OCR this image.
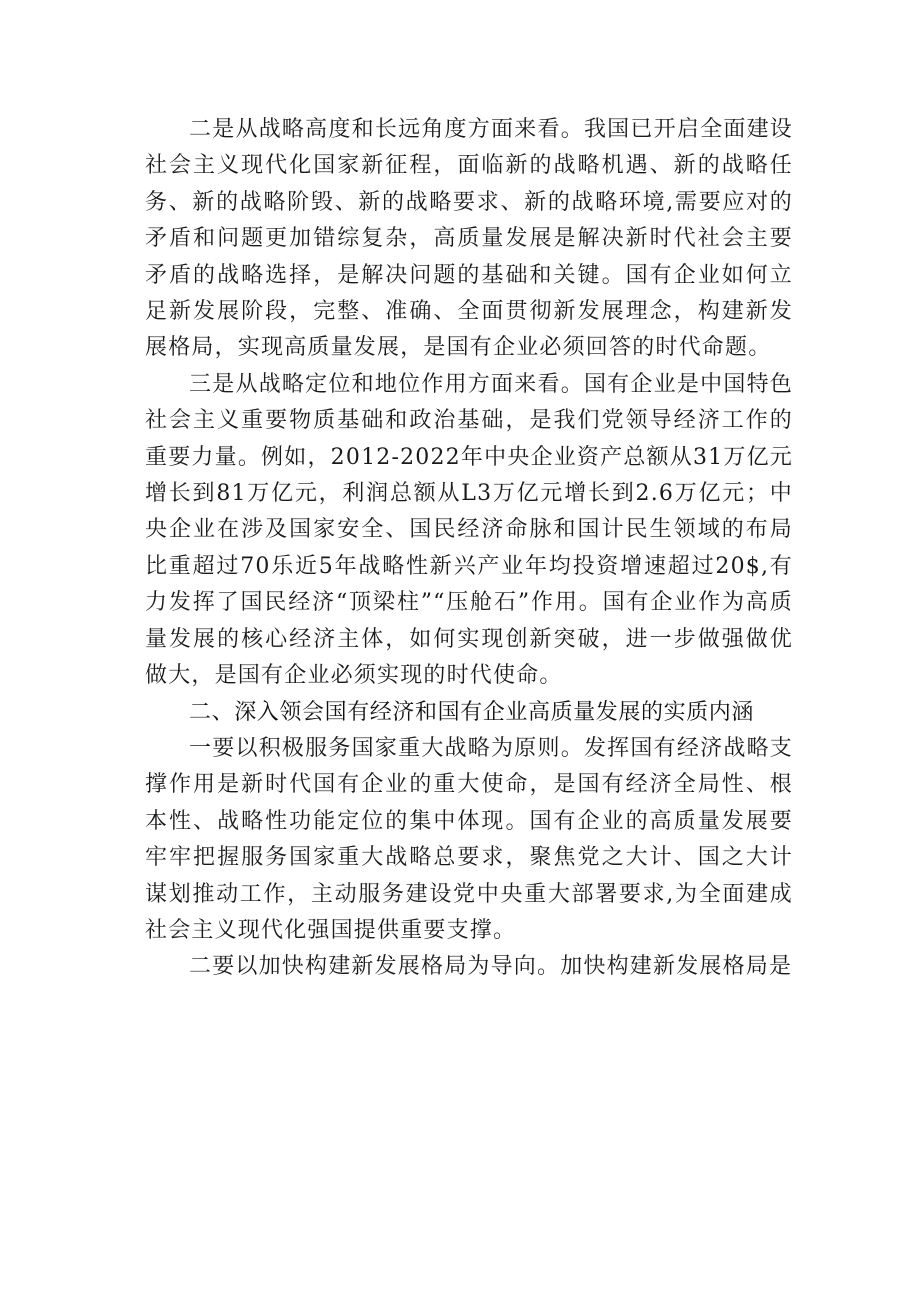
二是从战略高度和长远角度方面来看。我国已开启全面建设社会主义现代化国家新征程，面临新的战略机遇、新的战略任务、新的战略阶毁、新的战略要求、新的战略环境,需要应对的矛盾和问题更加错综复杂，高质量发展是解决新时代社会主要矛盾的战略选择，是解决问题的基础和关键。国有企业如何立足新发展阶段，完整、准确、全面贯彻新发展理念，构建新发展格局，实现高质量发展，是国有企业必须回答的时代命题。

三是从战略定位和地位作用方面来看。国有企业是中国特色社会主义重要物质基础和政治基础，是我们党领导经济工作的重要力量。例如，2012-2022年中央企业资产总额从31万亿元增长到81万亿元，利润总额从L3万亿元增长到2.6万亿元；中央企业在涉及国家安全、国民经济命脉和国计民生领域的布局比重超过70乐近5年战略性新兴产业年均投资增速超过20$,有力发挥了国民经济“顶梁柱”“压舱石”作用。国有企业作为高质量发展的核心经济主体，如何实现创新突破，进一步做强做优做大，是国有企业必须实现的时代使命。

二、深入领会国有经济和国有企业高质量发展的实质内涵

一要以积极服务国家重大战略为原则。发挥国有经济战略支撑作用是新时代国有企业的重大使命，是国有经济全局性、根本性、战略性功能定位的集中体现。国有企业的高质量发展要牢牢把握服务国家重大战略总要求，聚焦党之大计、国之大计谋划推动工作，主动服务建设党中央重大部署要求,为全面建成社会主义现代化强国提供重要支撑。

二要以加快构建新发展格局为导向。加快构建新发展格局是
